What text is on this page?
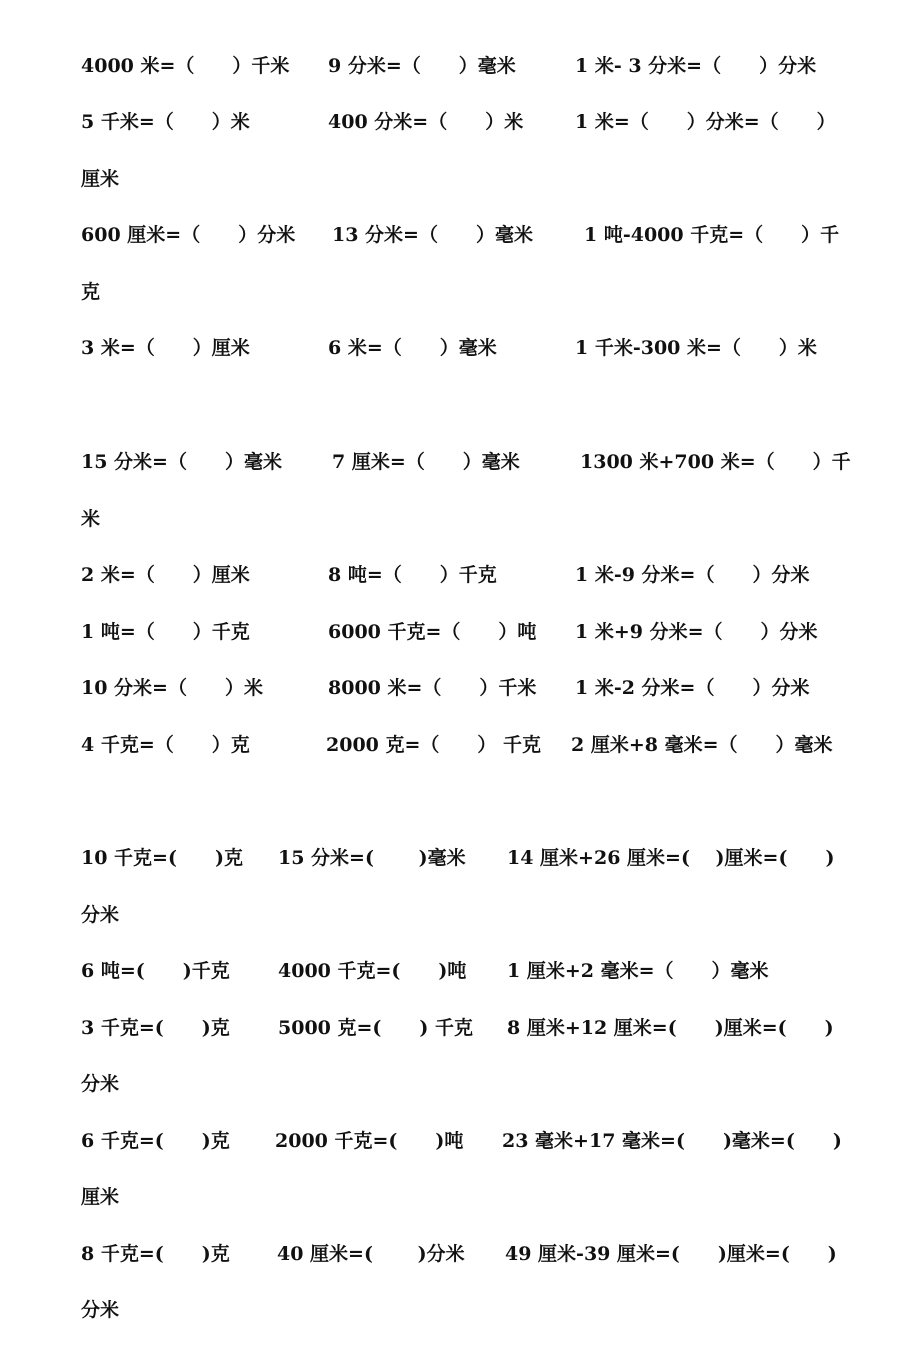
4000 米=（　　）千米 9 分米=（　　）毫米	1 米- 3 分米=（　　）分米
5 千米=（　　）米	400 分米=（　　）米	1 米=（　　）分米=（　　）
厘米
600 厘米=（　　）分米 13 分米=（　　）毫米	1 吨-4000 千克=（　　）千
克
3 米=（　　）厘米	6 米=（　　）毫米	1 千米-300 米=（　　）米
15 分米=（　　）毫米	7 厘米=（　　）毫米	1300 米+700 米=（　　）千
米
2 米=（　　）厘米	8 吨=（　　）千克	1 米-9 分米=（　　）分米
1 吨=（　　）千克	6000 千克=（　　）吨 1 米+9 分米=（　　）分米
10 分米=（　　）米	8000 米=（　　）千米 1 米-2 分米=（　　）分米
4 千克=（　　）克	2000 克=（　　） 千克 2 厘米+8 毫米=（　　）毫米
10 千克=(　　)克 15 分米=(　　 )毫米 14 厘米+26 厘米=(　 )厘米=(　　)
分米
6 吨=(　　)千克	4000 千克=(　　)吨 1 厘米+2 毫米=（　　）毫米
3 千克=(　　)克	5000 克=(　　) 千克 8 厘米+12 厘米=(　　)厘米=(　　)
分米
6 千克=(　　)克 2000 千克=(　　)吨 23 毫米+17 毫米=(　　)毫米=(　　)
厘米
8 千克=(　　)克 40 厘米=(　　 )分米 49 厘米-39 厘米=(　　)厘米=(　　)
分米
